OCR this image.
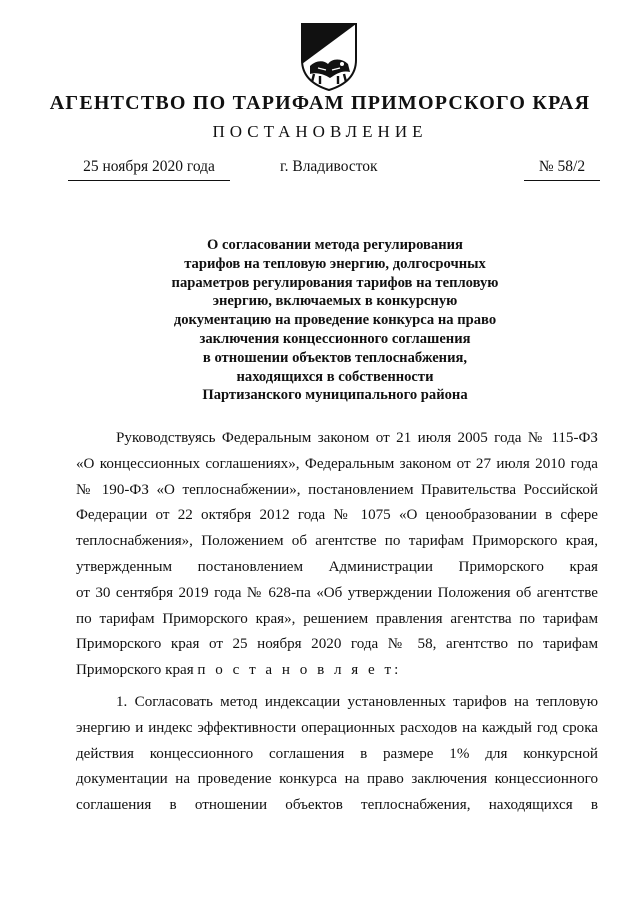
АГЕНТСТВО ПО ТАРИФАМ ПРИМОРСКОГО КРАЯ
ПОСТАНОВЛЕНИЕ
25 ноября 2020 года	г. Владивосток	№ 58/2
О согласовании метода регулирования
тарифов на тепловую энергию, долгосрочных
параметров регулирования тарифов на тепловую
энергию, включаемых в конкурсную
документацию на проведение конкурса на право
заключения концессионного соглашения
в отношении объектов теплоснабжения,
находящихся в собственности
Партизанского муниципального района
Руководствуясь Федеральным законом от 21 июля 2005 года № 115-ФЗ
«О концессионных соглашениях», Федеральным законом от 27 июля 2010 года
№ 190-ФЗ «О теплоснабжении», постановлением Правительства Российской
Федерации от 22 октября 2012 года № 1075 «О ценообразовании в сфере
теплоснабжения», Положением об агентстве по тарифам Приморского края,
утвержденным постановлением Администрации Приморского края
от 30 сентября 2019 года № 628-па «Об утверждении Положения об агентстве
по тарифам Приморского края», решением правления агентства по тарифам
Приморского края от 25 ноября 2020 года № 58, агентство по тарифам
Приморского края п о с т а н о в л я е т:
1. Согласовать метод индексации установленных тарифов на тепловую
энергию и индекс эффективности операционных расходов на каждый год срока
действия концессионного соглашения в размере 1% для конкурсной
документации на проведение конкурса на право заключения концессионного
соглашения в отношении объектов теплоснабжения, находящихся в
